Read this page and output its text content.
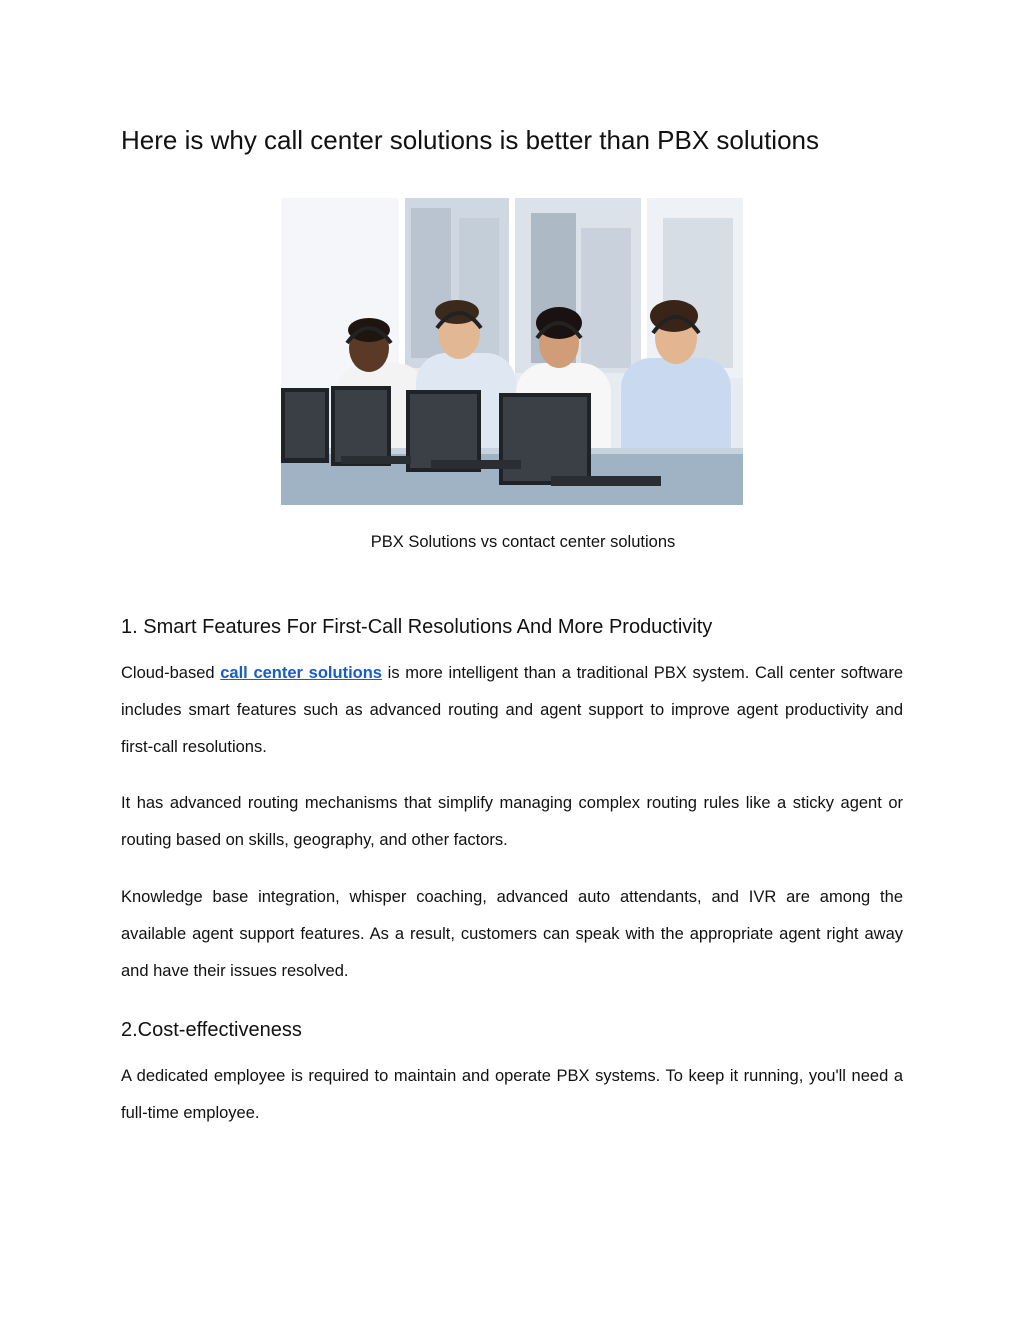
Here is why call center solutions is better than PBX solutions

PBX Solutions vs contact center solutions

1. Smart Features For First-Call Resolutions And More Productivity

Cloud-based call center solutions is more intelligent than a traditional PBX system. Call center software includes smart features such as advanced routing and agent support to improve agent productivity and first-call resolutions.

It has advanced routing mechanisms that simplify managing complex routing rules like a sticky agent or routing based on skills, geography, and other factors.

Knowledge base integration, whisper coaching, advanced auto attendants, and IVR are among the available agent support features. As a result, customers can speak with the appropriate agent right away and have their issues resolved.

2.Cost-effectiveness

A dedicated employee is required to maintain and operate PBX systems. To keep it running, you'll need a full-time employee.
